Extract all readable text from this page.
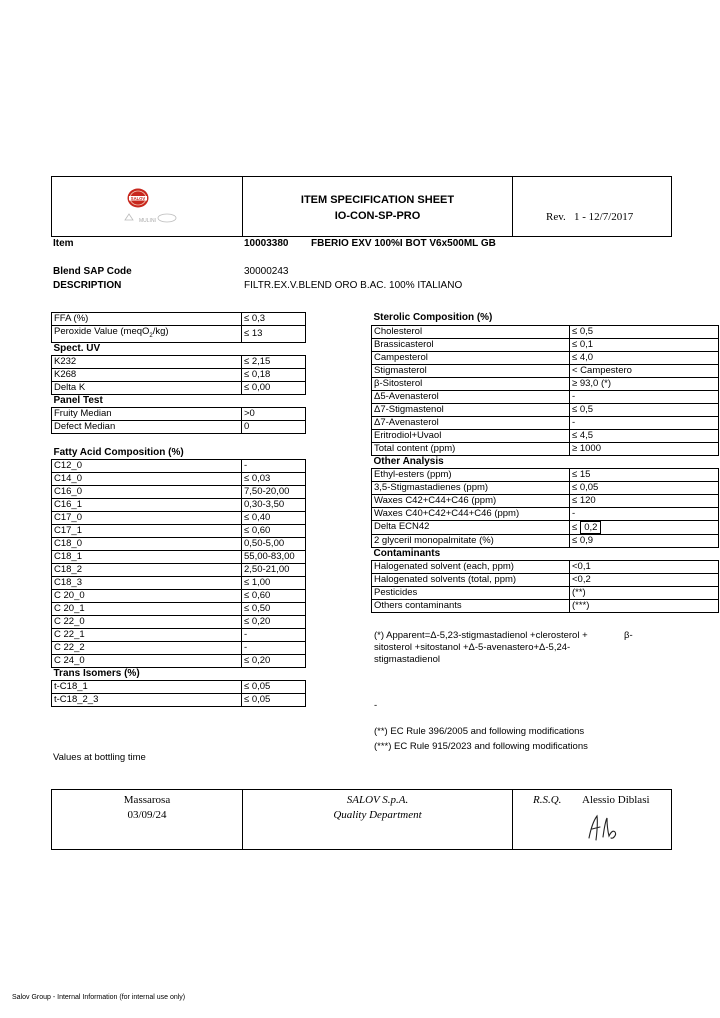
SALOV
MULINI
ITEM SPECIFICATION SHEET
IO-CON-SP-PRO	Rev. 1 - 12/7/2017
Item	10003380 FBERIO EXV 100%I BOT V6x500ML GB
Blend SAP Code	30000243
DESCRIPTION	FILTR.EX.V.BLEND ORO B.AC. 100% ITALIANO
FFA (%)	≤ 0,3
Peroxide Value (meqO$_2$/kg)	≤ 13
Spect. UV	
K232	≤ 2,15
K268	≤ 0,18
Delta K	≤ 0,00
Panel Test	
Fruity Median	>0
Defect Median	0

Fatty Acid Composition (%)	
C12_0	-
C14_0	≤ 0,03
C16_0	7,50-20,00
C16_1	0,30-3,50
C17_0	≤ 0,40
C17_1	≤ 0,60
C18_0	0,50-5,00
C18_1	55,00-83,00
C18_2	2,50-21,00
C18_3	≤ 1,00
C 20_0	≤ 0,60
C 20_1	≤ 0,50
C 22_0	≤ 0,20
C 22_1	-
C 22_2	-
C 24_0	≤ 0,20
Trans Isomers (%)	
t-C18_1	≤ 0,05
t-C18_2_3	≤ 0,05
Sterolic Composition (%)	
Cholesterol	≤ 0,5
Brassicasterol	≤ 0,1
Campesterol	≤ 4,0
Stigmasterol	< Campestero
β-Sitosterol	≥ 93,0 (*)
Δ5-Avenasterol	-
Δ7-Stigmastenol	≤ 0,5
Δ7-Avenasterol	-
Eritrodiol+Uvaol	≤ 4,5
Total content (ppm)	≥ 1000
Other Analysis	
Ethyl-esters (ppm)	≤ 15
3,5-Stigmastadienes (ppm)	≤ 0,05
Waxes C42+C44+C46 (ppm)	≤ 120
Waxes C40+C42+C44+C46 (ppm)	-
Delta ECN42	≤ 0,2
2 glyceril monopalmitate (%)	≤ 0,9
Contaminants	
Halogenated solvent (each, ppm)	<0,1
Halogenated solvents (total, ppm)	<0,2
Pesticides	(**)
Others contaminants	(***)
(*) Apparent=Δ-5,23-stigmastadienol +clerosterol +	β-
sitosterol +sitostanol +Δ-5-avenastero+Δ-5,24-
stigmastadienol
-
(**) EC Rule 396/2005 and following modifications
(***) EC Rule 915/2023 and following modifications
Values at bottling time
Massarosa
03/09/24
SALOV S.p.A.
Quality Department
R.S.Q. Alessio Diblasi
Salov Group - Internal Information (for internal use only)
